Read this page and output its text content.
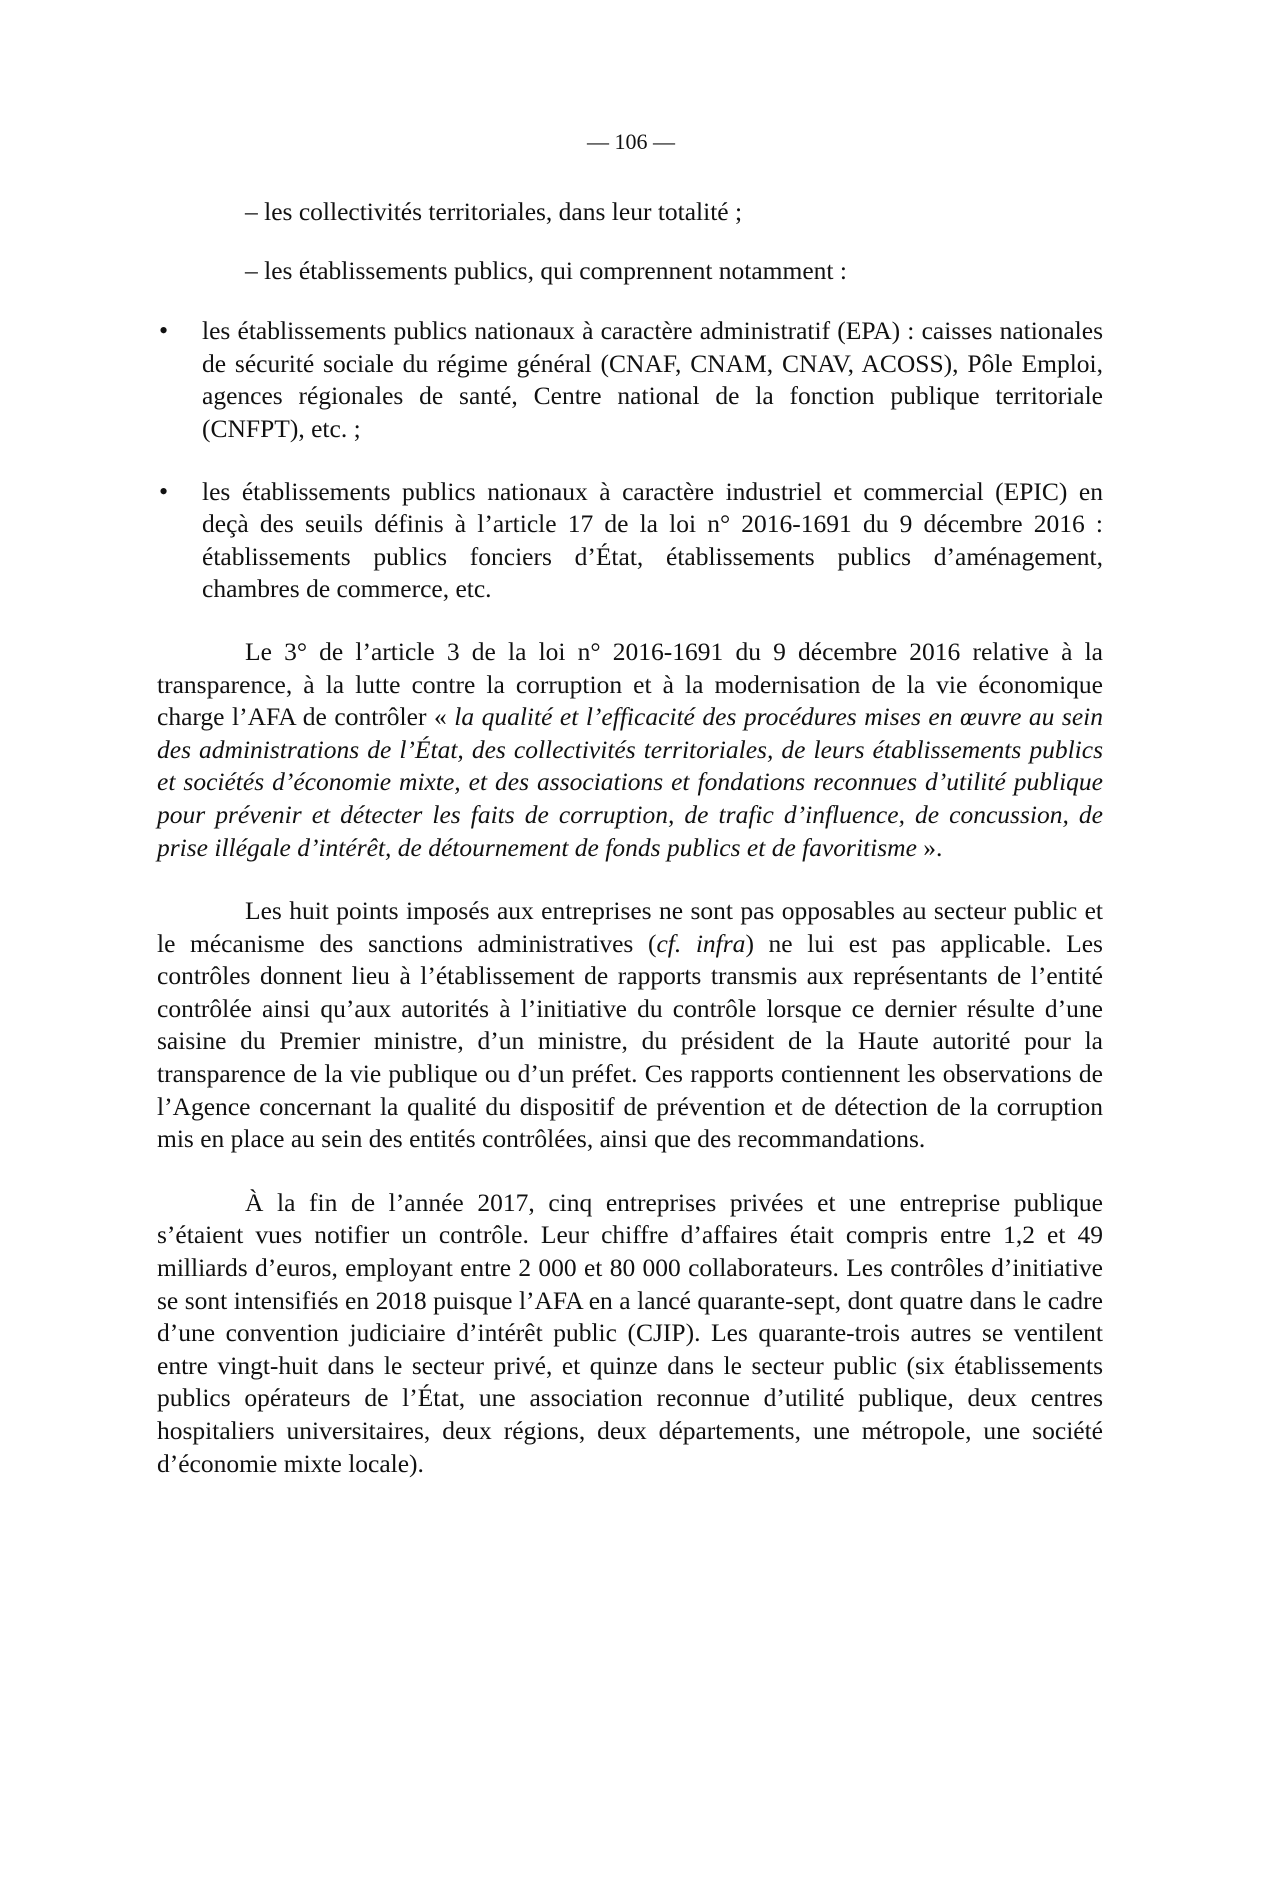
— 106 —

– les collectivités territoriales, dans leur totalité ;

– les établissements publics, qui comprennent notamment :

• les établissements publics nationaux à caractère administratif (EPA) : caisses nationales de sécurité sociale du régime général (CNAF, CNAM, CNAV, ACOSS), Pôle Emploi, agences régionales de santé, Centre national de la fonction publique territoriale (CNFPT), etc. ;
• les établissements publics nationaux à caractère industriel et commercial (EPIC) en deçà des seuils définis à l’article 17 de la loi n° 2016-1691 du 9 décembre 2016 : établissements publics fonciers d’État, établissements publics d’aménagement, chambres de commerce, etc.

Le 3° de l’article 3 de la loi n° 2016-1691 du 9 décembre 2016 relative à la transparence, à la lutte contre la corruption et à la modernisation de la vie économique charge l’AFA de contrôler « la qualité et l’efficacité des procédures mises en œuvre au sein des administrations de l’État, des collectivités territoriales, de leurs établissements publics et sociétés d’économie mixte, et des associations et fondations reconnues d’utilité publique pour prévenir et détecter les faits de corruption, de trafic d’influence, de concussion, de prise illégale d’intérêt, de détournement de fonds publics et de favoritisme ».

Les huit points imposés aux entreprises ne sont pas opposables au secteur public et le mécanisme des sanctions administratives (cf. infra) ne lui est pas applicable. Les contrôles donnent lieu à l’établissement de rapports transmis aux représentants de l’entité contrôlée ainsi qu’aux autorités à l’initiative du contrôle lorsque ce dernier résulte d’une saisine du Premier ministre, d’un ministre, du président de la Haute autorité pour la transparence de la vie publique ou d’un préfet. Ces rapports contiennent les observations de l’Agence concernant la qualité du dispositif de prévention et de détection de la corruption mis en place au sein des entités contrôlées, ainsi que des recommandations.

À la fin de l’année 2017, cinq entreprises privées et une entreprise publique s’étaient vues notifier un contrôle. Leur chiffre d’affaires était compris entre 1,2 et 49 milliards d’euros, employant entre 2 000 et 80 000 collaborateurs. Les contrôles d’initiative se sont intensifiés en 2018 puisque l’AFA en a lancé quarante-sept, dont quatre dans le cadre d’une convention judiciaire d’intérêt public (CJIP). Les quarante-trois autres se ventilent entre vingt-huit dans le secteur privé, et quinze dans le secteur public (six établissements publics opérateurs de l’État, une association reconnue d’utilité publique, deux centres hospitaliers universitaires, deux régions, deux départements, une métropole, une société d’économie mixte locale).
